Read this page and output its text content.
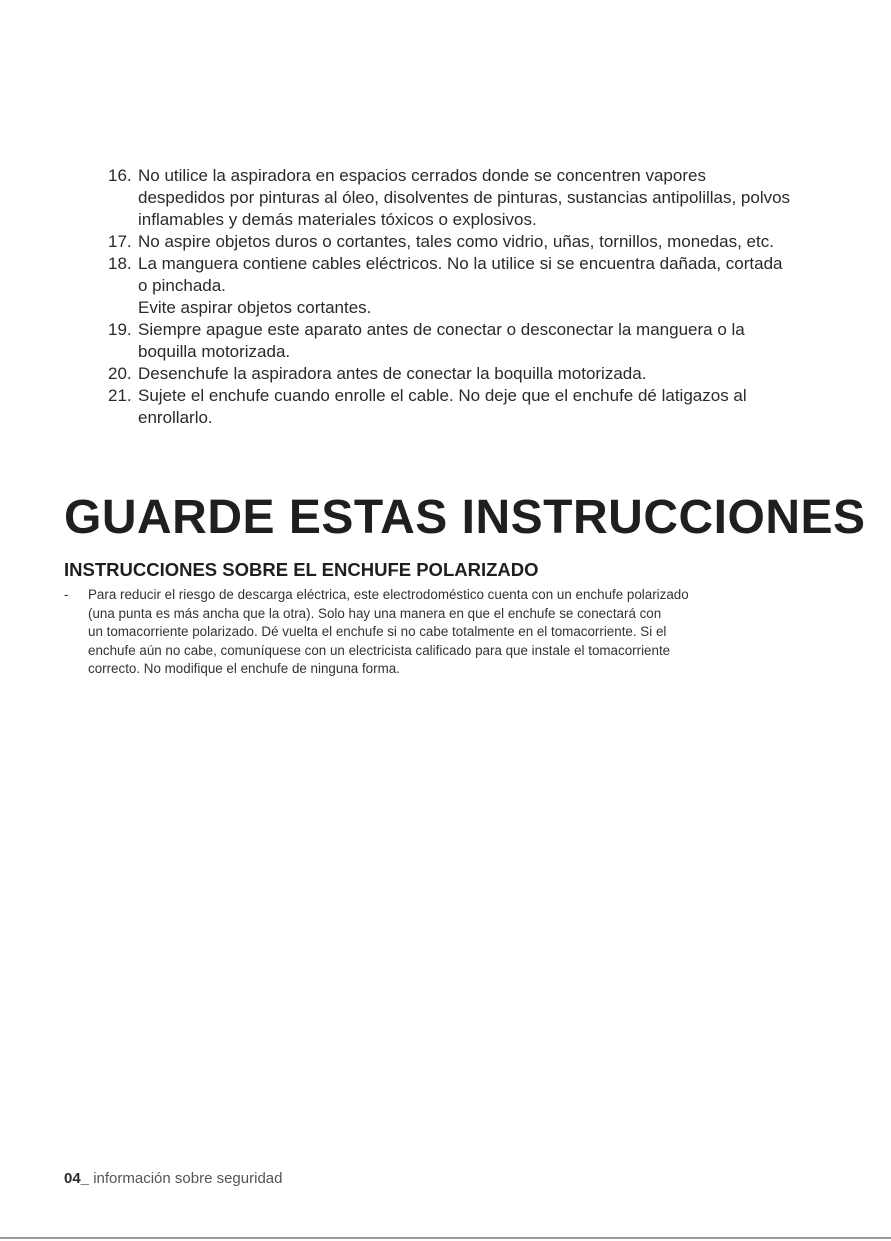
16. No utilice la aspiradora en espacios cerrados donde se concentren vapores
despedidos por pinturas al óleo, disolventes de pinturas, sustancias antipolillas, polvos
inflamables y demás materiales tóxicos o explosivos.
17. No aspire objetos duros o cortantes, tales como vidrio, uñas, tornillos, monedas, etc.
18. La manguera contiene cables eléctricos. No la utilice si se encuentra dañada, cortada
o pinchada.
Evite aspirar objetos cortantes.
19. Siempre apague este aparato antes de conectar o desconectar la manguera o la
boquilla motorizada.
20. Desenchufe la aspiradora antes de conectar la boquilla motorizada.
21. Sujete el enchufe cuando enrolle el cable. No deje que el enchufe dé latigazos al
enrollarlo.
GUARDE ESTAS INSTRUCCIONES
INSTRUCCIONES SOBRE EL ENCHUFE POLARIZADO
-	Para reducir el riesgo de descarga eléctrica, este electrodoméstico cuenta con un enchufe polarizado
(una punta es más ancha que la otra). Solo hay una manera en que el enchufe se conectará con
un tomacorriente polarizado. Dé vuelta el enchufe si no cabe totalmente en el tomacorriente. Si el
enchufe aún no cabe, comuníquese con un electricista calificado para que instale el tomacorriente
correcto. No modifique el enchufe de ninguna forma.
04_ información sobre seguridad
